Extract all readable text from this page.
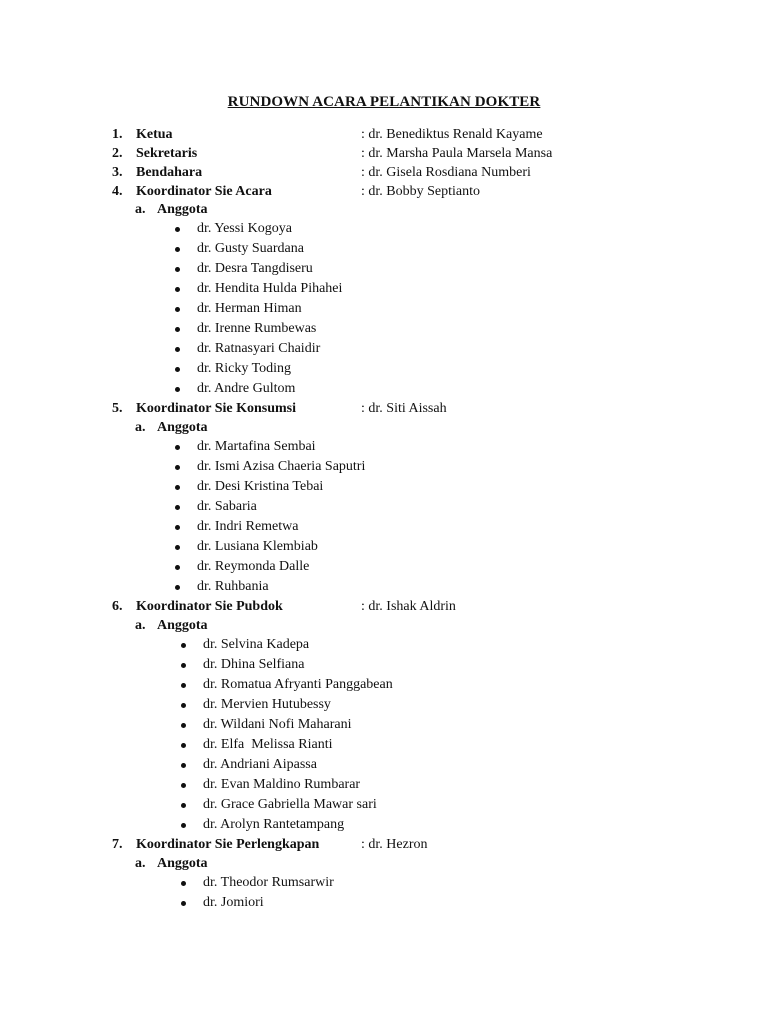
RUNDOWN ACARA PELANTIKAN DOKTER
1. Ketua	: dr. Benediktus Renald Kayame
2. Sekretaris	: dr. Marsha Paula Marsela Mansa
3. Bendahara	: dr. Gisela Rosdiana Numberi
4. Koordinator Sie Acara	: dr. Bobby Septianto
a. Anggota
dr. Yessi Kogoya
dr. Gusty Suardana
dr. Desra Tangdiseru
dr. Hendita Hulda Pihahei
dr. Herman Himan
dr. Irenne Rumbewas
dr. Ratnasyari Chaidir
dr. Ricky Toding
dr. Andre Gultom
5. Koordinator Sie Konsumsi	: dr. Siti Aissah
a. Anggota
dr. Martafina Sembai
dr. Ismi Azisa Chaeria Saputri
dr. Desi Kristina Tebai
dr. Sabaria
dr. Indri Remetwa
dr. Lusiana Klembiab
dr. Reymonda Dalle
dr. Ruhbania
6. Koordinator Sie Pubdok	: dr. Ishak Aldrin
a. Anggota
dr. Selvina Kadepa
dr. Dhina Selfiana
dr. Romatua Afryanti Panggabean
dr. Mervien Hutubessy
dr. Wildani Nofi Maharani
dr. Elfa  Melissa Rianti
dr. Andriani Aipassa
dr. Evan Maldino Rumbarar
dr. Grace Gabriella Mawar sari
dr. Arolyn Rantetampang
7. Koordinator Sie Perlengkapan	: dr. Hezron
a. Anggota
dr. Theodor Rumsarwir
dr. Jomiori
